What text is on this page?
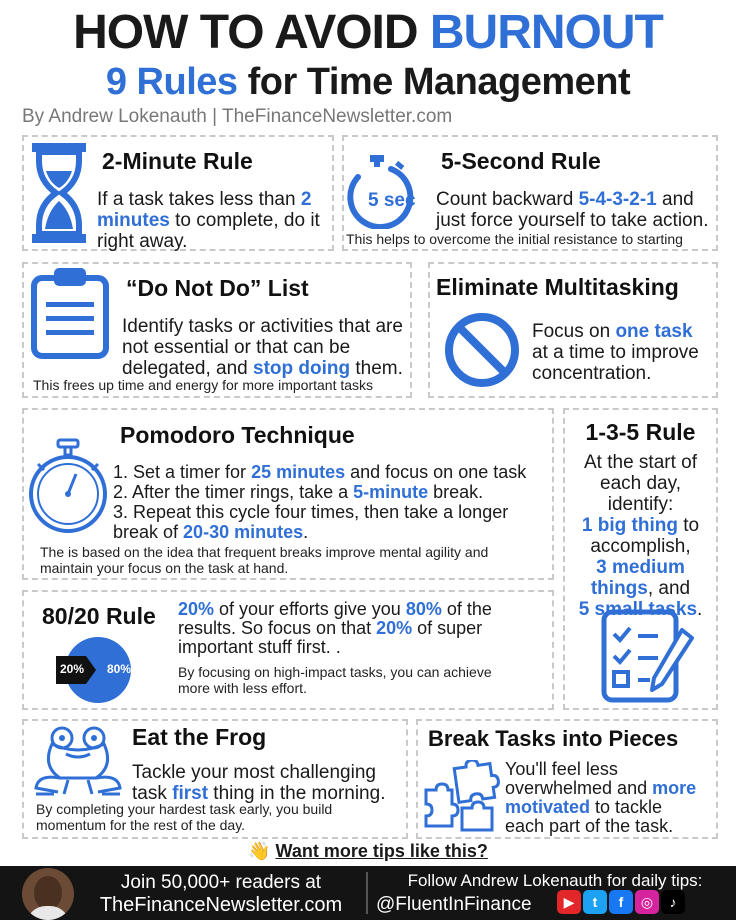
HOW TO AVOID BURNOUT
9 Rules for Time Management
By Andrew Lokenauth | TheFinanceNewsletter.com
2-Minute Rule
If a task takes less than 2
minutes to complete, do it
right away.
5 sec
5-Second Rule
Count backward 5-4-3-2-1 and
just force yourself to take action.
This helps to overcome the initial resistance to starting
“Do Not Do” List
Identify tasks or activities that are
not essential or that can be
delegated, and stop doing them.
This frees up time and energy for more important tasks
Eliminate Multitasking
Focus on one task
at a time to improve
concentration.
Pomodoro Technique
1. Set a timer for 25 minutes and focus on one task
2. After the timer rings, take a 5-minute break.
3. Repeat this cycle four times, then take a longer
break of 20-30 minutes.
The is based on the idea that frequent breaks improve mental agility and
maintain your focus on the task at hand.
1-3-5 Rule
At the start of
each day,
identify:
1 big thing to
accomplish,
3 medium
things, and
5 small tasks.
80/20 Rule
20% 80%
20% of your efforts give you 80% of the
results. So focus on that 20% of super
important stuff first. .
By focusing on high-impact tasks, you can achieve
more with less effort.
Eat the Frog
Tackle your most challenging
task first thing in the morning.
By completing your hardest task early, you build
momentum for the rest of the day.
Break Tasks into Pieces
You'll feel less
overwhelmed and more
motivated to tackle
each part of the task.
👋 Want more tips like this?
Join 50,000+ readers at
TheFinanceNewsletter.com
Follow Andrew Lokenauth for daily tips:
@FluentInFinance	▶	t	f	◎	♪
